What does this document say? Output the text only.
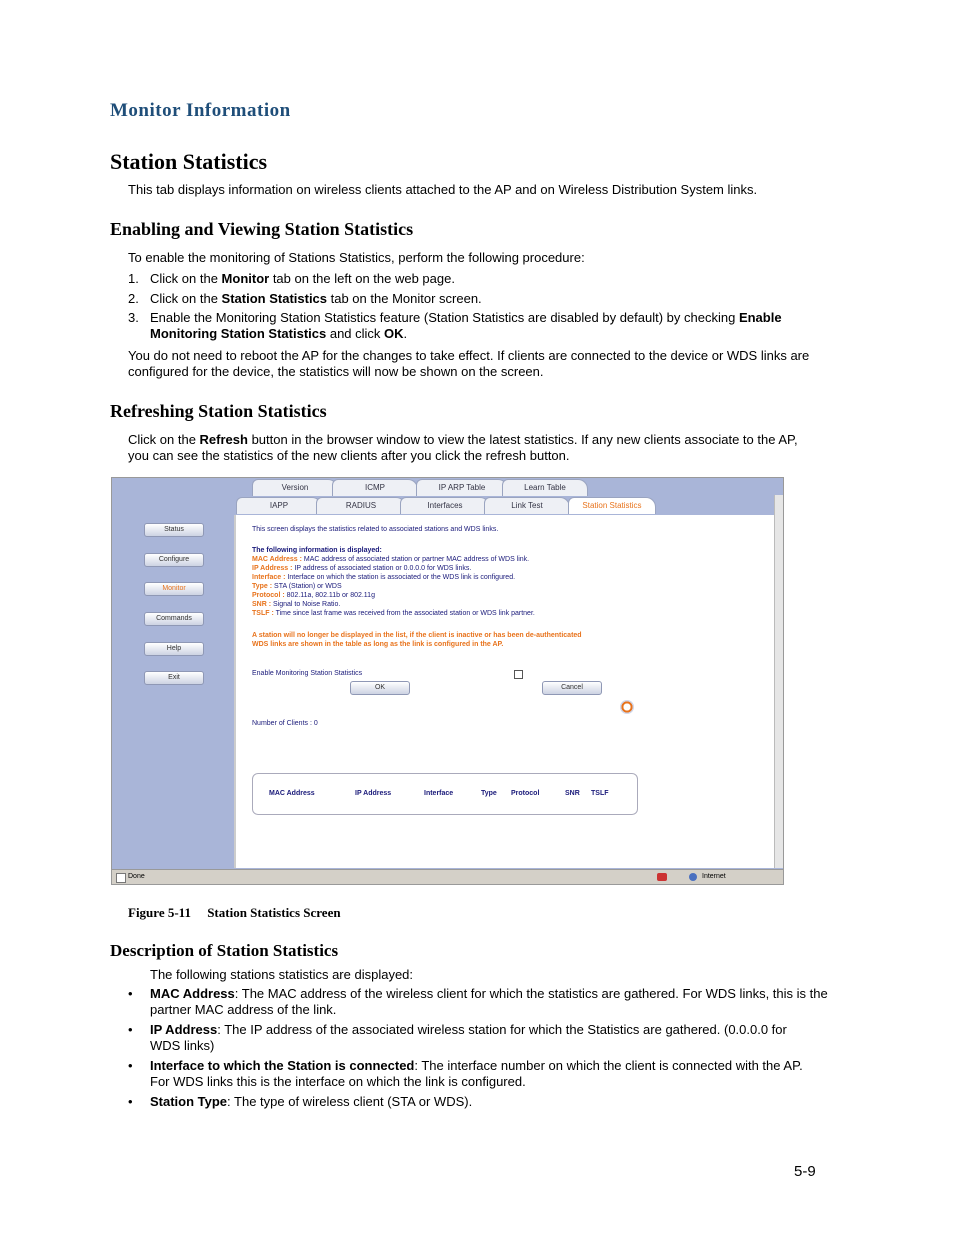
Monitor Information
Station Statistics
This tab displays information on wireless clients attached to the AP and on Wireless Distribution System links.
Enabling and Viewing Station Statistics
To enable the monitoring of Stations Statistics, perform the following procedure:
1. Click on the Monitor tab on the left on the web page.
2. Click on the Station Statistics tab on the Monitor screen.
3. Enable the Monitoring Station Statistics feature (Station Statistics are disabled by default) by checking Enable Monitoring Station Statistics and click OK.
You do not need to reboot the AP for the changes to take effect. If clients are connected to the device or WDS links are configured for the device, the statistics will now be shown on the screen.
Refreshing Station Statistics
Click on the Refresh button in the browser window to view the latest statistics. If any new clients associate to the AP, you can see the statistics of the new clients after you click the refresh button.
Version	ICMP	IP ARP Table	Learn Table
IAPP	RADIUS	Interfaces	Link Test	Station Statistics
Status
Configure
Monitor
Commands
Help
Exit
This screen displays the statistics related to associated stations and WDS links.
The following information is displayed:
MAC Address : MAC address of associated station or partner MAC address of WDS link.
IP Address : IP address of associated station or 0.0.0.0 for WDS links.
Interface : Interface on which the station is associated or the WDS link is configured.
Type : STA (Station) or WDS
Protocol : 802.11a, 802.11b or 802.11g
SNR : Signal to Noise Ratio.
TSLF : Time since last frame was received from the associated station or WDS link partner.
A station will no longer be displayed in the list, if the client is inactive or has been de-authenticated
WDS links are shown in the table as long as the link is configured in the AP.
Enable Monitoring Station Statistics
OK	Cancel
Number of Clients : 0
MAC Address	IP Address	Interface	Type Protocol	SNR TSLF
Done	Internet
Figure 5-11     Station Statistics Screen
Description of Station Statistics
The following stations statistics are displayed:
• MAC Address: The MAC address of the wireless client for which the statistics are gathered. For WDS links, this is the partner MAC address of the link.
• IP Address: The IP address of the associated wireless station for which the Statistics are gathered. (0.0.0.0 for WDS links)
• Interface to which the Station is connected: The interface number on which the client is connected with the AP. For WDS links this is the interface on which the link is configured.
• Station Type: The type of wireless client (STA or WDS).
5-9
